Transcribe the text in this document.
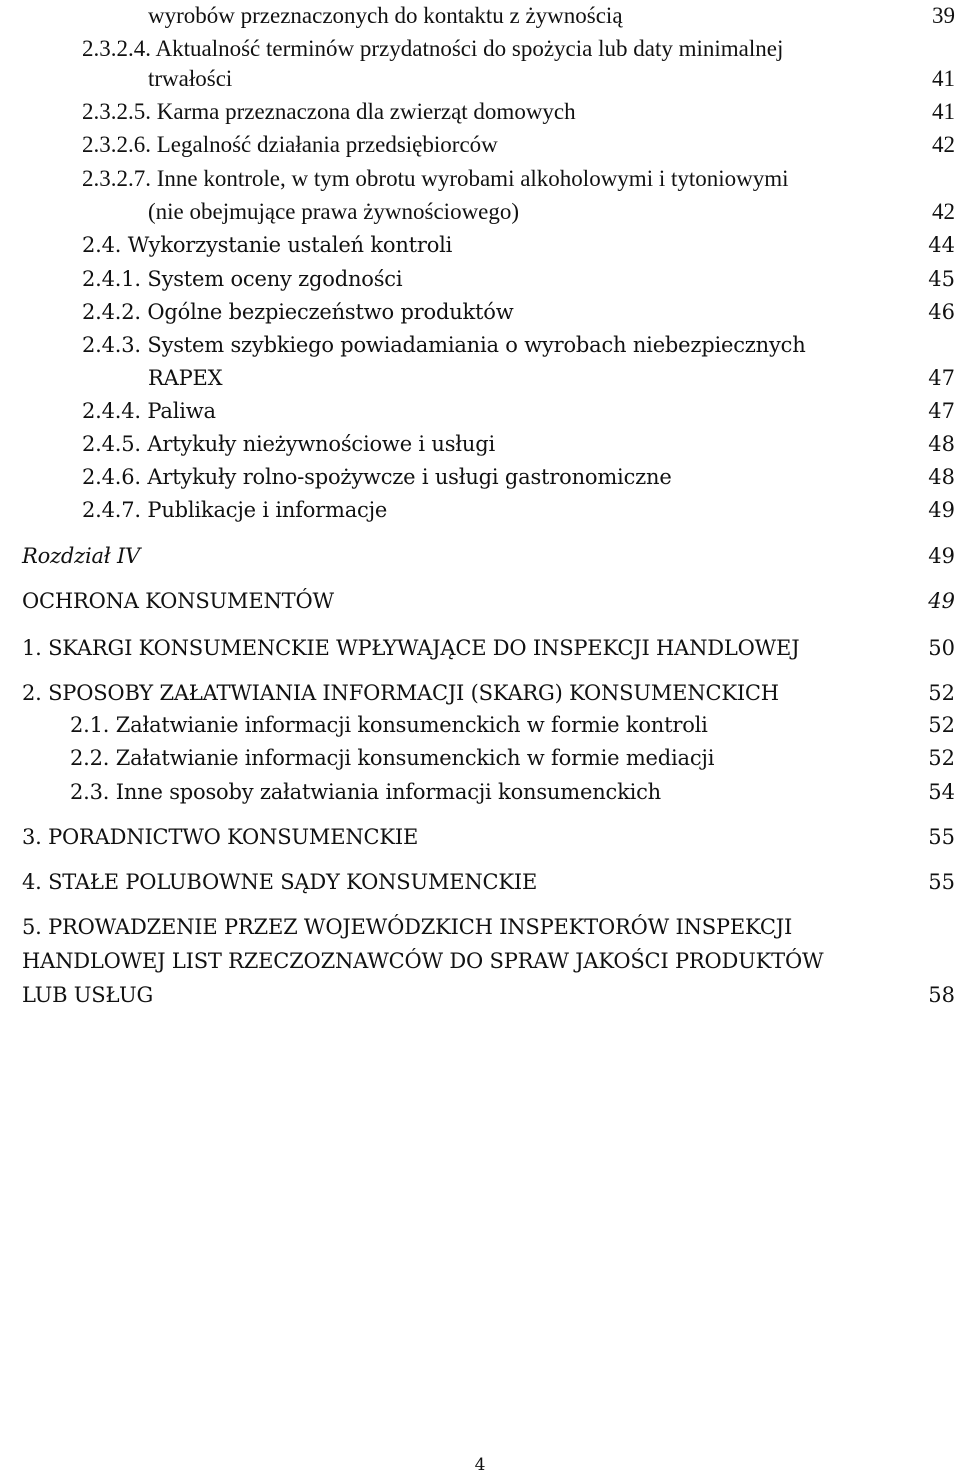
wyrobów przeznaczonych do kontaktu z żywnością	39
2.3.2.4. Aktualność terminów przydatności do spożycia lub daty minimalnej
trwałości	41
2.3.2.5. Karma przeznaczona dla zwierząt domowych	41
2.3.2.6. Legalność działania przedsiębiorców	42
2.3.2.7. Inne kontrole, w tym obrotu wyrobami alkoholowymi i tytoniowymi
(nie obejmujące prawa żywnościowego)	42
2.4. Wykorzystanie ustaleń kontroli	44
2.4.1. System oceny zgodności	45
2.4.2. Ogólne bezpieczeństwo produktów	46
2.4.3. System szybkiego powiadamiania o wyrobach niebezpiecznych
RAPEX	47
2.4.4. Paliwa	47
2.4.5. Artykuły nieżywnościowe i usługi	48
2.4.6. Artykuły rolno-spożywcze i usługi gastronomiczne	48
2.4.7. Publikacje i informacje	49
Rozdział IV	49
OCHRONA KONSUMENTÓW	49
1. SKARGI KONSUMENCKIE WPŁYWAJĄCE DO INSPEKCJI HANDLOWEJ	50
2. SPOSOBY ZAŁATWIANIA INFORMACJI (SKARG) KONSUMENCKICH	52
2.1. Załatwianie informacji konsumenckich w formie kontroli	52
2.2. Załatwianie informacji konsumenckich w formie mediacji	52
2.3. Inne sposoby załatwiania informacji konsumenckich	54
3. PORADNICTWO KONSUMENCKIE	55
4. STAŁE POLUBOWNE SĄDY KONSUMENCKIE	55
5. PROWADZENIE PRZEZ WOJEWÓDZKICH INSPEKTORÓW INSPEKCJI
HANDLOWEJ LIST RZECZOZNAWCÓW DO SPRAW JAKOŚCI PRODUKTÓW
LUB USŁUG	58
4
